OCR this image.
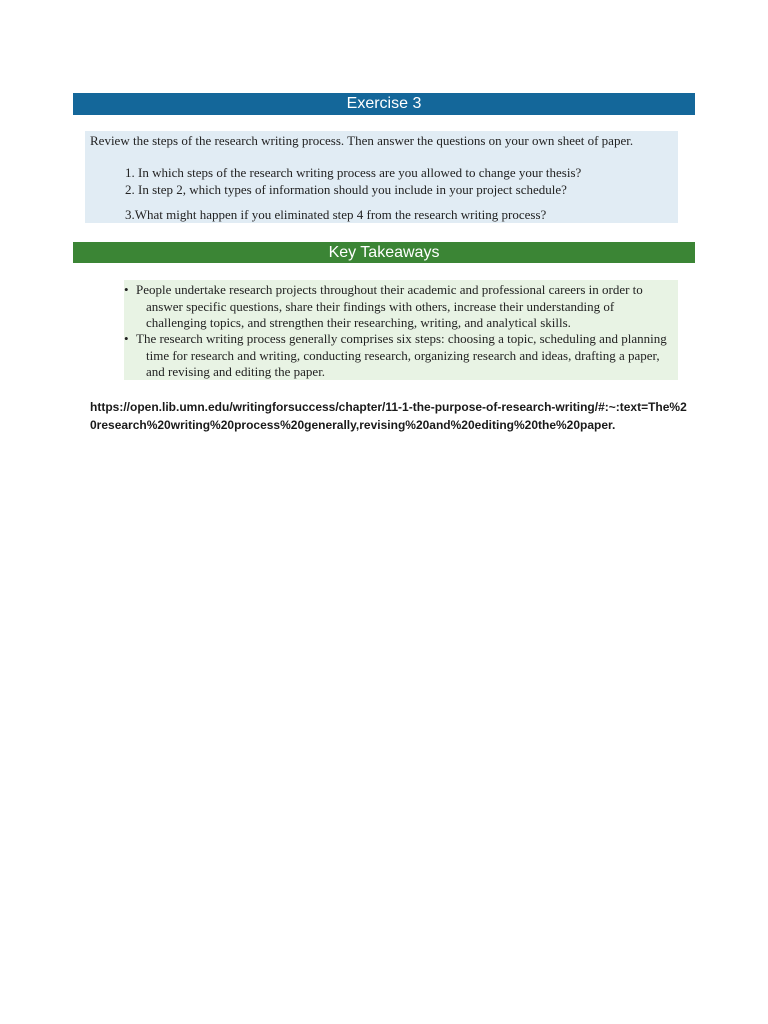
Exercise 3
Review the steps of the research writing process. Then answer the questions on your own sheet of paper.
1. In which steps of the research writing process are you allowed to change your thesis?
2. In step 2, which types of information should you include in your project schedule?
3.What might happen if you eliminated step 4 from the research writing process?
Key Takeaways
• People undertake research projects throughout their academic and professional careers in order to answer specific questions, share their findings with others, increase their understanding of challenging topics, and strengthen their researching, writing, and analytical skills.
• The research writing process generally comprises six steps: choosing a topic, scheduling and planning time for research and writing, conducting research, organizing research and ideas, drafting a paper, and revising and editing the paper.
https://open.lib.umn.edu/writingforsuccess/chapter/11-1-the-purpose-of-research-writing/#:~:text=The%20research%20writing%20process%20generally,revising%20and%20editing%20the%20paper.
